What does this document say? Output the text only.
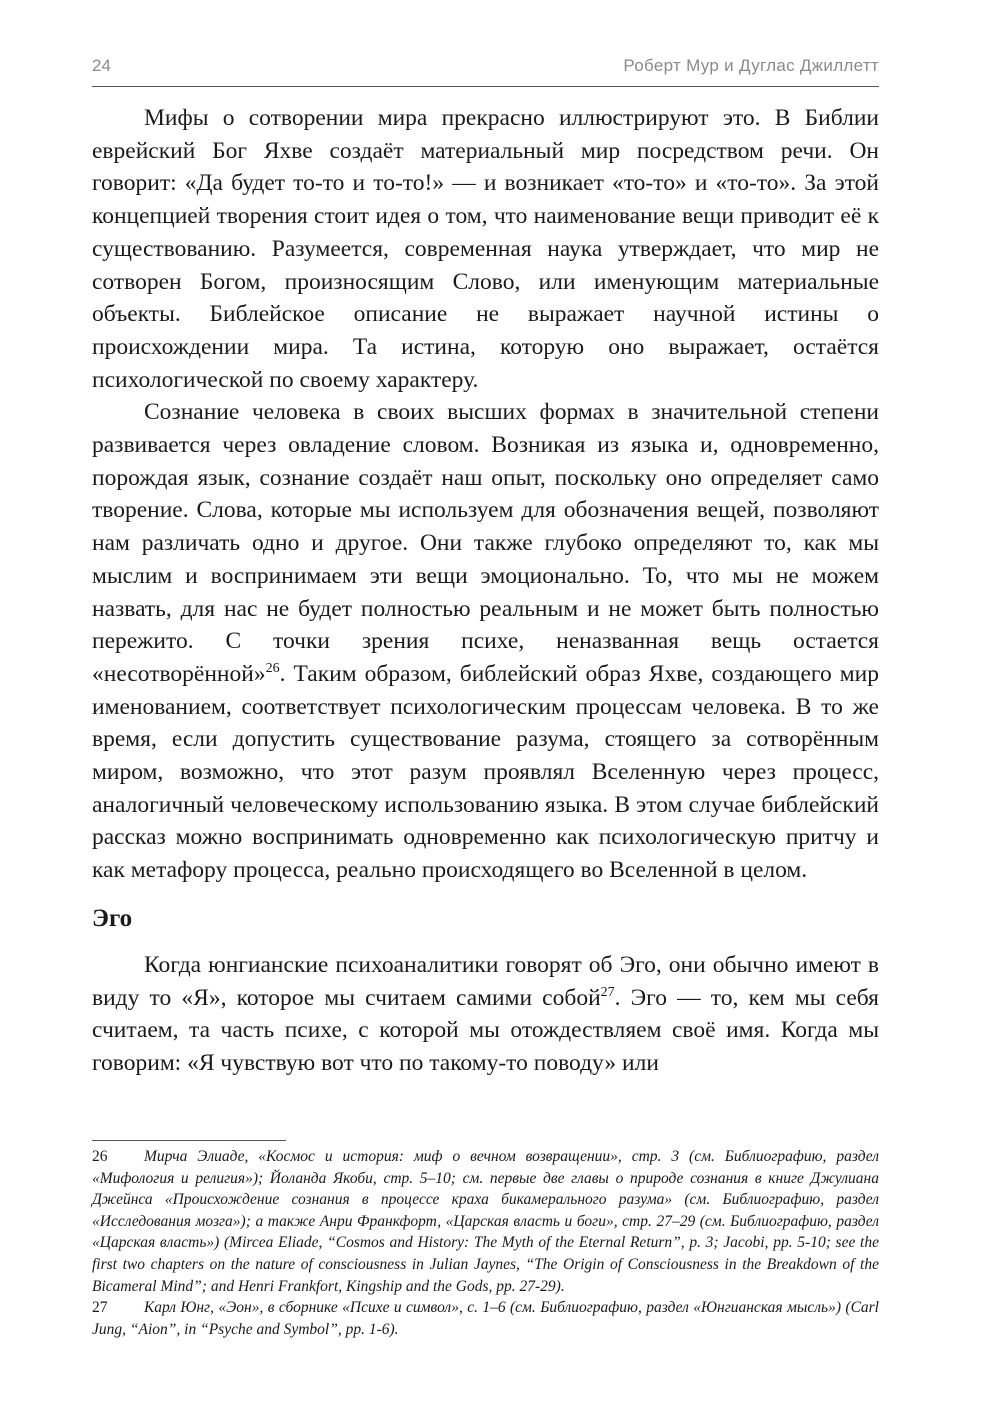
24	Роберт Мур и Дуглас Джиллетт

Мифы о сотворении мира прекрасно иллюстрируют это. В Библии еврейский Бог Яхве создаёт материальный мир посредством речи. Он говорит: «Да будет то-то и то-то!» — и возникает «то-то» и «то-то». За этой концепцией творения стоит идея о том, что наименование вещи приводит её к существованию. Разумеется, современная наука утверждает, что мир не сотворен Богом, произносящим Слово, или именующим материальные объекты. Библейское описание не выражает научной истины о происхождении мира. Та истина, которую оно выражает, остаётся психологической по своему характеру.

Сознание человека в своих высших формах в значительной степени развивается через овладение словом. Возникая из языка и, одновременно, порождая язык, сознание создаёт наш опыт, поскольку оно определяет само творение. Слова, которые мы используем для обозначения вещей, позволяют нам различать одно и другое. Они также глубоко определяют то, как мы мыслим и воспринимаем эти вещи эмоционально. То, что мы не можем назвать, для нас не будет полностью реальным и не может быть полностью пережито. С точки зрения психе, неназванная вещь остается «несотворённой»$^{26}$. Таким образом, библейский образ Яхве, создающего мир именованием, соответствует психологическим процессам человека. В то же время, если допустить существование разума, стоящего за сотворённым миром, возможно, что этот разум проявлял Вселенную через процесс, аналогичный человеческому использованию языка. В этом случае библейский рассказ можно воспринимать одновременно как психологическую притчу и как метафору процесса, реально происходящего во Вселенной в целом.

Эго

Когда юнгианские психоаналитики говорят об Эго, они обычно имеют в виду то «Я», которое мы считаем самими собой$^{27}$. Эго — то, кем мы себя считаем, та часть психе, с которой мы отождествляем своё имя. Когда мы говорим: «Я чувствую вот что по такому-то поводу» или

26 Мирча Элиаде, «Космос и история: миф о вечном возвращении», стр. 3 (см. Библиографию, раздел «Мифология и религия»); Йоланда Якоби, стр. 5–10; см. первые две главы о природе сознания в книге Джулиана Джейнса «Происхождение сознания в процессе краха бикамерального разума» (см. Библиографию, раздел «Исследования мозга»); а также Анри Франкфорт, «Царская власть и боги», стр. 27–29 (см. Библиографию, раздел «Царская власть») (Mircea Eliade, “Cosmos and History: The Myth of the Eternal Return”, p. 3; Jacobi, pp. 5-10; see the first two chapters on the nature of consciousness in Julian Jaynes, “The Origin of Consciousness in the Breakdown of the Bicameral Mind”; and Henri Frankfort, Kingship and the Gods, pp. 27-29).

27 Карл Юнг, «Эон», в сборнике «Психе и символ», с. 1–6 (см. Библиографию, раздел «Юнгианская мысль») (Carl Jung, “Aion”, in “Psyche and Symbol”, pp. 1-6).
